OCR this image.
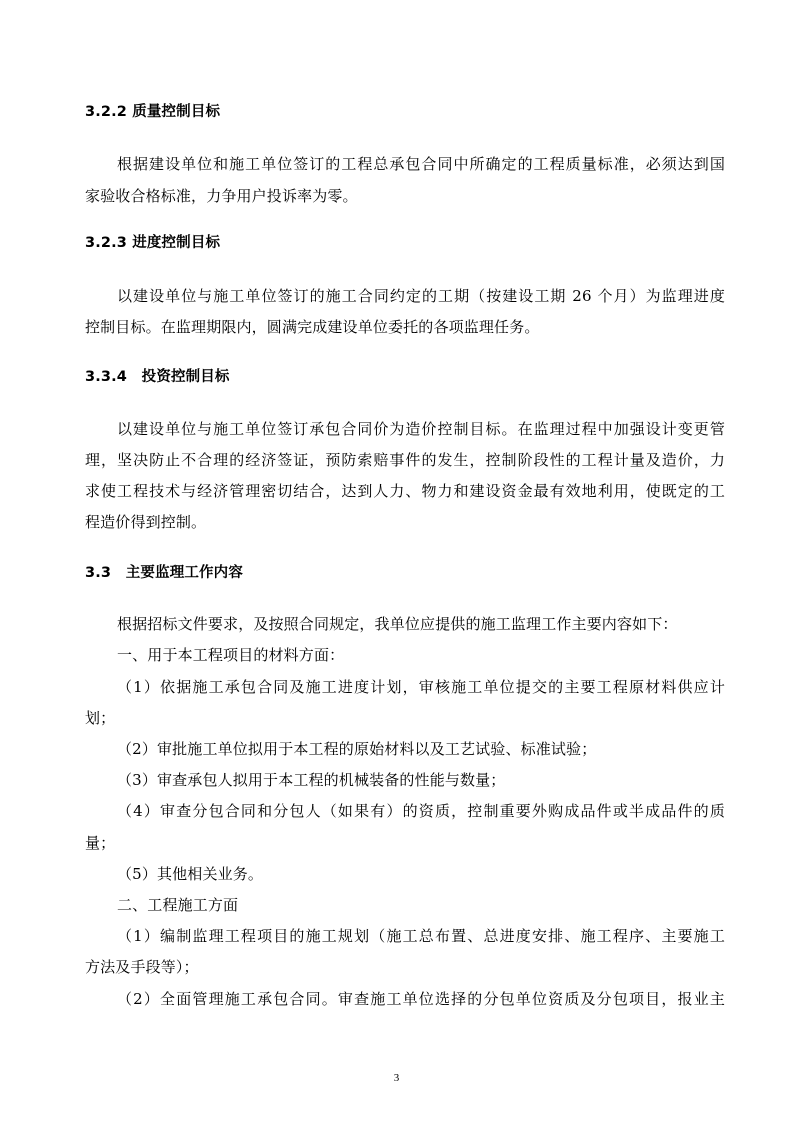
3.2.2 质量控制目标
根据建设单位和施工单位签订的工程总承包合同中所确定的工程质量标准，必须达到国
家验收合格标准，力争用户投诉率为零。
3.2.3 进度控制目标
以建设单位与施工单位签订的施工合同约定的工期（按建设工期 26 个月）为监理进度
控制目标。在监理期限内，圆满完成建设单位委托的各项监理任务。
3.3.4　投资控制目标
以建设单位与施工单位签订承包合同价为造价控制目标。在监理过程中加强设计变更管
理，坚决防止不合理的经济签证，预防索赔事件的发生，控制阶段性的工程计量及造价，力
求使工程技术与经济管理密切结合，达到人力、物力和建设资金最有效地利用，使既定的工
程造价得到控制。
3.3　主要监理工作内容
根据招标文件要求，及按照合同规定，我单位应提供的施工监理工作主要内容如下：
一、用于本工程项目的材料方面：
（1）依据施工承包合同及施工进度计划，审核施工单位提交的主要工程原材料供应计
划；
（2）审批施工单位拟用于本工程的原始材料以及工艺试验、标准试验；
（3）审查承包人拟用于本工程的机械装备的性能与数量；
（4）审查分包合同和分包人（如果有）的资质，控制重要外购成品件或半成品件的质
量；
（5）其他相关业务。
二、工程施工方面
（1）编制监理工程项目的施工规划（施工总布置、总进度安排、施工程序、主要施工
方法及手段等）；
（2）全面管理施工承包合同。审查施工单位选择的分包单位资质及分包项目，报业主
3
